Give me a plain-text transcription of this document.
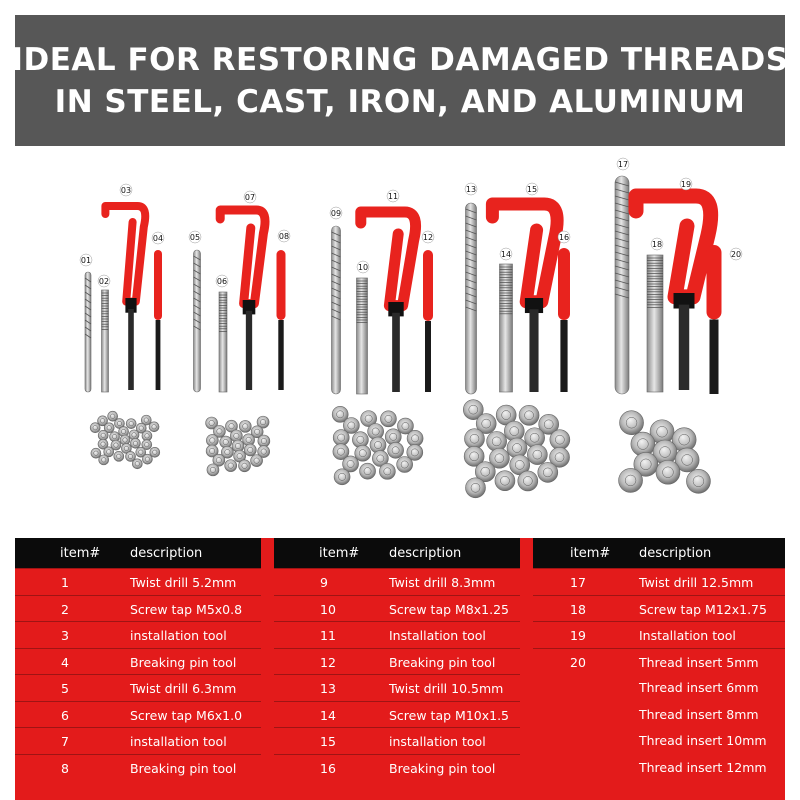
IDEAL FOR RESTORING DAMAGED THREADS
IN STEEL, CAST, IRON, AND ALUMINUM
01
02
03
04	05
06
07
08
09
10
11
12
13
14
15
16
17
18
19
20
item# description
1	Twist drill 5.2mm
2	Screw tap M5x0.8
3	installation tool
4	Breaking pin tool
5	Twist drill 6.3mm
6	Screw tap M6x1.0
7	installation tool
8	Breaking pin tool
item# description
9	Twist drill 8.3mm
10	Screw tap M8x1.25
11	Installation tool
12	Breaking pin tool
13	Twist drill 10.5mm
14	Screw tap M10x1.5
15	installation tool
16	Breaking pin tool
item# description
17	Twist drill 12.5mm
18	Screw tap M12x1.75
19	Installation tool
20	Thread insert 5mm
Thread insert 6mm
Thread insert 8mm
Thread insert 10mm
Thread insert 12mm
